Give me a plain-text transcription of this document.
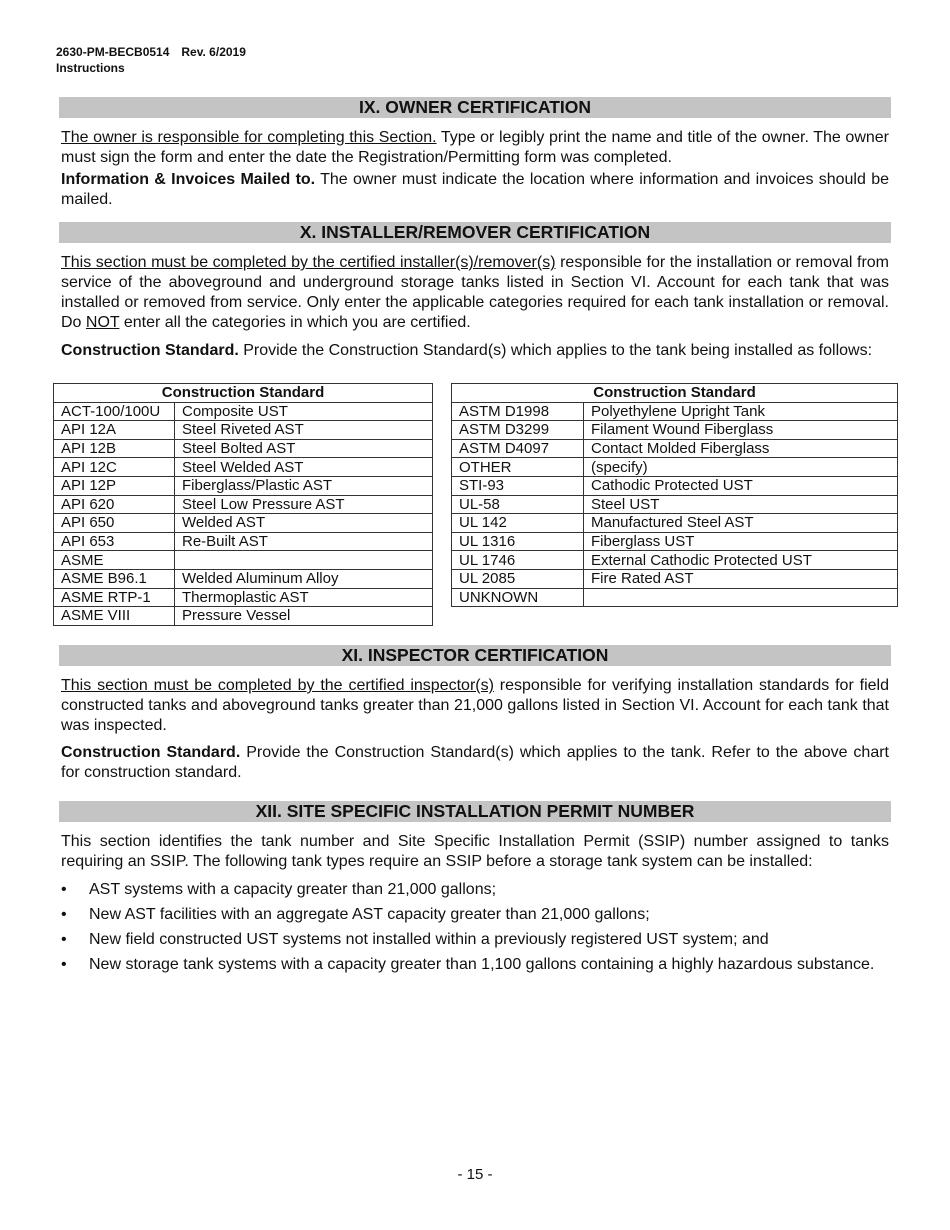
2630-PM-BECB0514 Rev. 6/2019
Instructions
IX. OWNER CERTIFICATION

The owner is responsible for completing this Section. Type or legibly print the name and title of the owner. The owner must sign the form and enter the date the Registration/Permitting form was completed.

Information & Invoices Mailed to. The owner must indicate the location where information and invoices should be mailed.

X. INSTALLER/REMOVER CERTIFICATION

This section must be completed by the certified installer(s)/remover(s) responsible for the installation or removal from service of the aboveground and underground storage tanks listed in Section VI. Account for each tank that was installed or removed from service. Only enter the applicable categories required for each tank installation or removal. Do NOT enter all the categories in which you are certified.

Construction Standard. Provide the Construction Standard(s) which applies to the tank being installed as follows:

Construction Standard	
ACT-100/100U	Composite UST
API 12A	Steel Riveted AST
API 12B	Steel Bolted AST
API 12C	Steel Welded AST
API 12P	Fiberglass/Plastic AST
API 620	Steel Low Pressure AST
API 650	Welded AST
API 653	Re-Built AST
ASME	
ASME B96.1	Welded Aluminum Alloy
ASME RTP-1	Thermoplastic AST
ASME VIII	Pressure Vessel
Construction Standard	
ASTM D1998	Polyethylene Upright Tank
ASTM D3299	Filament Wound Fiberglass
ASTM D4097	Contact Molded Fiberglass
OTHER	(specify)
STI-93	Cathodic Protected UST
UL-58	Steel UST
UL 142	Manufactured Steel AST
UL 1316	Fiberglass UST
UL 1746	External Cathodic Protected UST
UL 2085	Fire Rated AST
UNKNOWN	
XI. INSPECTOR CERTIFICATION

This section must be completed by the certified inspector(s) responsible for verifying installation standards for field constructed tanks and aboveground tanks greater than 21,000 gallons listed in Section VI. Account for each tank that was inspected.

Construction Standard. Provide the Construction Standard(s) which applies to the tank. Refer to the above chart for construction standard.

XII. SITE SPECIFIC INSTALLATION PERMIT NUMBER

This section identifies the tank number and Site Specific Installation Permit (SSIP) number assigned to tanks requiring an SSIP. The following tank types require an SSIP before a storage tank system can be installed:

• AST systems with a capacity greater than 21,000 gallons;
• New AST facilities with an aggregate AST capacity greater than 21,000 gallons;
• New field constructed UST systems not installed within a previously registered UST system; and
• New storage tank systems with a capacity greater than 1,100 gallons containing a highly hazardous substance.
- 15 -
